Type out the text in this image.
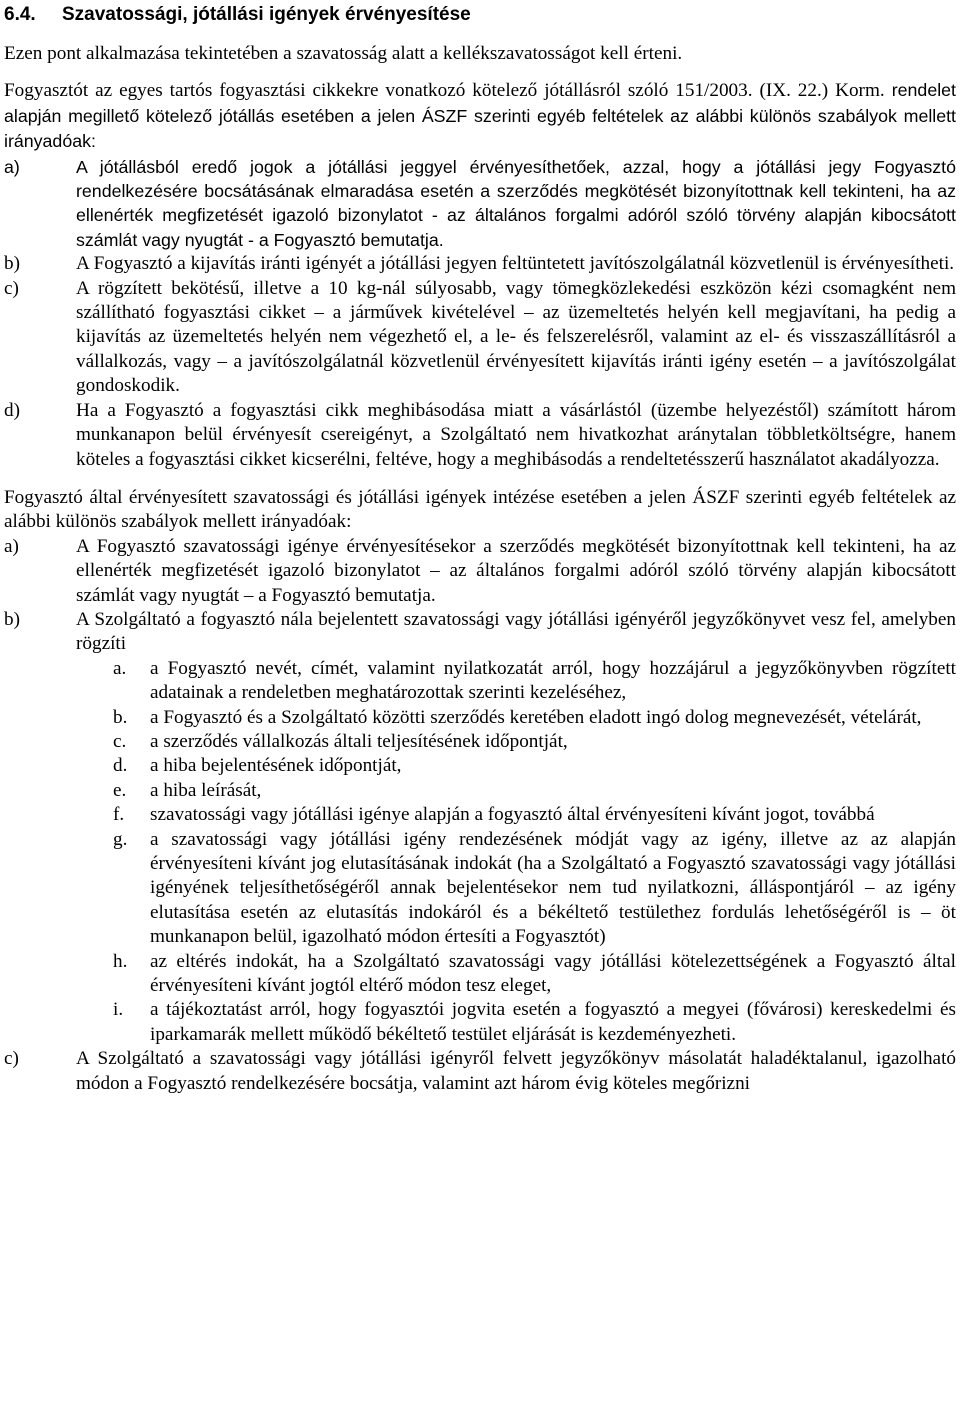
6.4. Szavatossági, jótállási igények érvényesítése

Ezen pont alkalmazása tekintetében a szavatosság alatt a kellékszavatosságot kell érteni.

Fogyasztót az egyes tartós fogyasztási cikkekre vonatkozó kötelező jótállásról szóló 151/2003. (IX. 22.) Korm. rendelet alapján megillető kötelező jótállás esetében a jelen ÁSZF szerinti egyéb feltételek az alábbi különös szabályok mellett irányadóak:

a)	A jótállásból eredő jogok a jótállási jeggyel érvényesíthetőek, azzal, hogy a jótállási jegy Fogyasztó rendelkezésére bocsátásának elmaradása esetén a szerződés megkötését bizonyítottnak kell tekinteni, ha az ellenérték megfizetését igazoló bizonylatot - az általános forgalmi adóról szóló törvény alapján kibocsátott számlát vagy nyugtát - a Fogyasztó bemutatja.
b)	A Fogyasztó a kijavítás iránti igényét a jótállási jegyen feltüntetett javítószolgálatnál közvetlenül is érvényesítheti.
c)	A rögzített bekötésű, illetve a 10 kg-nál súlyosabb, vagy tömegközlekedési eszközön kézi csomagként nem szállítható fogyasztási cikket – a járművek kivételével – az üzemeltetés helyén kell megjavítani, ha pedig a kijavítás az üzemeltetés helyén nem végezhető el, a le- és felszerelésről, valamint az el- és visszaszállításról a vállalkozás, vagy – a javítószolgálatnál közvetlenül érvényesített kijavítás iránti igény esetén – a javítószolgálat gondoskodik.
d)	Ha a Fogyasztó a fogyasztási cikk meghibásodása miatt a vásárlástól (üzembe helyezéstől) számított három munkanapon belül érvényesít csereigényt, a Szolgáltató nem hivatkozhat aránytalan többletköltségre, hanem köteles a fogyasztási cikket kicserélni, feltéve, hogy a meghibásodás a rendeltetésszerű használatot akadályozza.

Fogyasztó által érvényesített szavatossági és jótállási igények intézése esetében a jelen ÁSZF szerinti egyéb feltételek az alábbi különös szabályok mellett irányadóak:

a)	A Fogyasztó szavatossági igénye érvényesítésekor a szerződés megkötését bizonyítottnak kell tekinteni, ha az ellenérték megfizetését igazoló bizonylatot – az általános forgalmi adóról szóló törvény alapján kibocsátott számlát vagy nyugtát – a Fogyasztó bemutatja.
b)	A Szolgáltató a fogyasztó nála bejelentett szavatossági vagy jótállási igényéről jegyzőkönyvet vesz fel, amelyben rögzíti
a. a Fogyasztó nevét, címét, valamint nyilatkozatát arról, hogy hozzájárul a jegyzőkönyvben rögzített adatainak a rendeletben meghatározottak szerinti kezeléséhez,
b. a Fogyasztó és a Szolgáltató közötti szerződés keretében eladott ingó dolog megnevezését, vételárát,
c. a szerződés vállalkozás általi teljesítésének időpontját,
d. a hiba bejelentésének időpontját,
e. a hiba leírását,
f. szavatossági vagy jótállási igénye alapján a fogyasztó által érvényesíteni kívánt jogot, továbbá
g. a szavatossági vagy jótállási igény rendezésének módját vagy az igény, illetve az az alapján érvényesíteni kívánt jog elutasításának indokát (ha a Szolgáltató a Fogyasztó szavatossági vagy jótállási igényének teljesíthetőségéről annak bejelentésekor nem tud nyilatkozni, álláspontjáról – az igény elutasítása esetén az elutasítás indokáról és a békéltető testülethez fordulás lehetőségéről is – öt munkanapon belül, igazolható módon értesíti a Fogyasztót)
h. az eltérés indokát, ha a Szolgáltató szavatossági vagy jótállási kötelezettségének a Fogyasztó által érvényesíteni kívánt jogtól eltérő módon tesz eleget,
i. a tájékoztatást arról, hogy fogyasztói jogvita esetén a fogyasztó a megyei (fővárosi) kereskedelmi és iparkamarák mellett működő békéltető testület eljárását is kezdeményezheti.
c)	A Szolgáltató a szavatossági vagy jótállási igényről felvett jegyzőkönyv másolatát haladéktalanul, igazolható módon a Fogyasztó rendelkezésére bocsátja, valamint azt három évig köteles megőrizni
